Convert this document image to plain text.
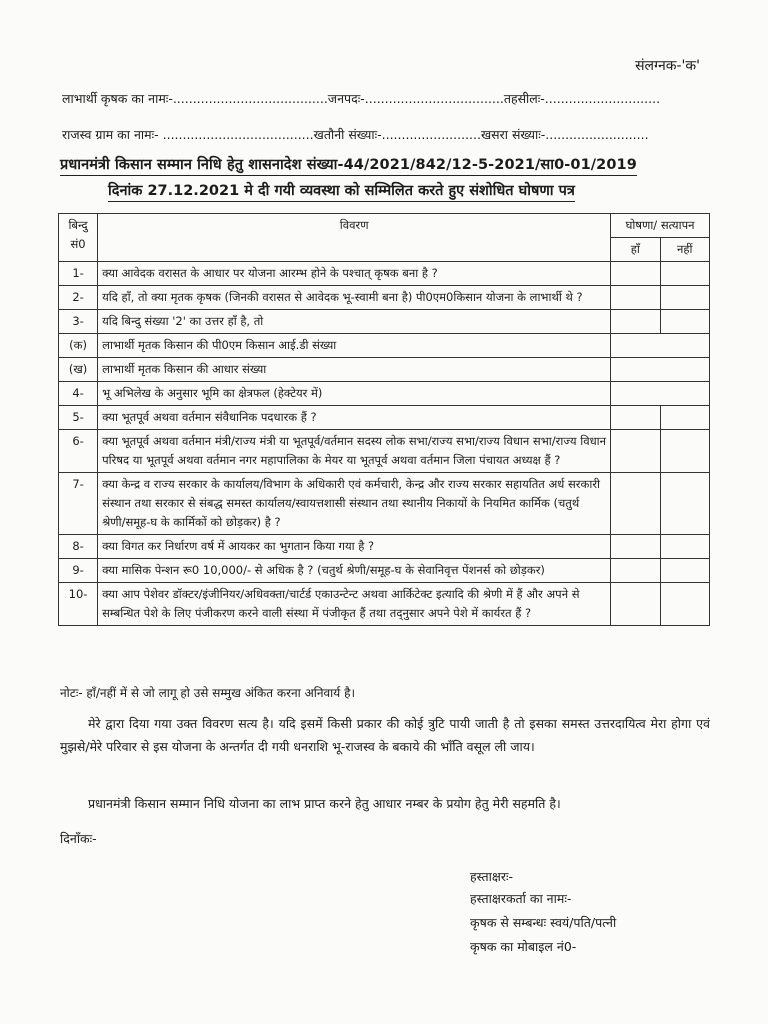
संलग्नक-'क'
लाभार्थी कृषक का नामः-.......................................जनपदः-...................................तहसीलः-.............................
राजस्व ग्राम का नामः- ......................................खतौनी संख्याः-.........................खसरा संख्याः-..........................
प्रधानमंत्री किसान सम्मान निधि हेतु शासनादेश संख्या-44/2021/842/12-5-2021/सा0-01/2019
दिनांक 27.12.2021 मे दी गयी व्यवस्था को सम्मिलित करते हुए संशोधित घोषणा पत्र
बिन्दु सं0	विवरण	घोषणा/ सत्यापन	
		हाँ	नहीं
1-	क्या आवेदक वरासत के आधार पर योजना आरम्भ होने के पश्चात् कृषक बना है ?		
2-	यदि हाँ, तो क्या मृतक कृषक (जिनकी वरासत से आवेदक भू-स्वामी बना है) पी0एम0किसान योजना के लाभार्थी थे ?		
3-	यदि बिन्दु संख्या '2' का उत्तर हाँ है, तो		
(क)	लाभार्थी मृतक किसान की पी0एम किसान आई.डी संख्या		
(ख)	लाभार्थी मृतक किसान की आधार संख्या		
4-	भू अभिलेख के अनुसार भूमि का क्षेत्रफल (हेक्टेयर में)		
5-	क्या भूतपूर्व अथवा वर्तमान संवैधानिक पदधारक हैं ?		
6-	क्या भूतपूर्व अथवा वर्तमान मंत्री/राज्य मंत्री या भूतपूर्व/वर्तमान सदस्य लोक सभा/राज्य सभा/राज्य विधान सभा/राज्य विधान परिषद या भूतपूर्व अथवा वर्तमान नगर महापालिका के मेयर या भूतपूर्व अथवा वर्तमान जिला पंचायत अध्यक्ष हैं ?		
7-	क्या केन्द्र व राज्य सरकार के कार्यालय/विभाग के अधिकारी एवं कर्मचारी, केन्द्र और राज्य सरकार सहायतित अर्ध सरकारी संस्थान तथा सरकार से संबद्ध समस्त कार्यालय/स्वायत्तशासी संस्थान तथा स्थानीय निकायों के नियमित कार्मिक (चतुर्थ श्रेणी/समूह-घ के कार्मिकों को छोड़कर) है ?		
8-	क्या विगत कर निर्धारण वर्ष में आयकर का भुगतान किया गया है ?		
9-	क्या मासिक पेन्शन रू0 10,000/- से अधिक है ? (चतुर्थ श्रेणी/समूह-घ के सेवानिवृत्त पेंशनर्स को छोड़कर)		
10-	क्या आप पेशेवर डॉक्टर/इंजीनियर/अधिवक्ता/चार्टर्ड एकाउन्टेन्ट अथवा आर्किटेक्ट इत्यादि की श्रेणी में हैं और अपने से सम्बन्धित पेशे के लिए पंजीकरण करने वाली संस्था में पंजीकृत हैं तथा तद्नुसार अपने पेशे में कार्यरत हैं ?		
नोटः- हाँ/नहीं में से जो लागू हो उसे सम्मुख अंकित करना अनिवार्य है।
मेरे द्वारा दिया गया उक्त विवरण सत्य है। यदि इसमें किसी प्रकार की कोई त्रुटि पायी जाती है तो इसका समस्त उत्तरदायित्व मेरा होगा एवं मुझसे/मेरे परिवार से इस योजना के अन्तर्गत दी गयी धनराशि भू-राजस्व के बकाये की भाँति वसूल ली जाय।
प्रधानमंत्री किसान सम्मान निधि योजना का लाभ प्राप्त करने हेतु आधार नम्बर के प्रयोग हेतु मेरी सहमति है।
दिनाँकः-
हस्ताक्षरः-
हस्ताक्षरकर्ता का नामः-
कृषक से सम्बन्धः स्वयं/पति/पत्नी
कृषक का मोबाइल नं0-
